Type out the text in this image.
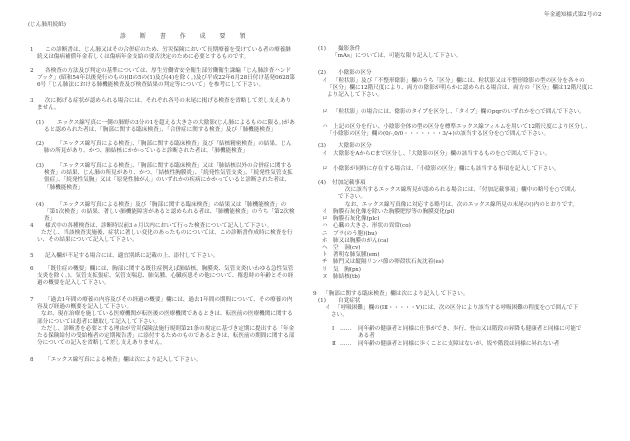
(じん肺用続紙)
年金通知様式第2号の2
診 断 書 作 成 要 領
1	この診断書は、じん肺又はその合併症のため、労災保険において長期療養を受けている者の療養継続又は傷病補償年金若しくは傷病年金支給の要否決定のために必要とするものです。
2	各検査の方法及び判定の基準については、厚生労働省安全衛生部労働衛生課編「じん肺診査ハンドブック」(昭和54年以後発行のもの)(Ⅱの5の(1)及び(4)を除く。)及び平成22年6月28日付け基発0628第6号「じん肺法における肺機能検査及び検査結果の判定等について」を参考にして下さい。
3	次に掲げる症状が認められる場合には、それぞれ各号の末尾に掲げる検査を省略して差し支えありません。
(1)	エックス線写真に一側の肺野の3分の1を超える大きさの大陰影(じん肺によるものに限る。)があると認められた者は、「胸部に関する臨床検査」、「合併症に関する検査」及び「肺機能検査」
(2)	「エックス線写真による検査」、「胸部に関する臨床検査」及び「結核精密検査」の結果、じん肺の所見があり、かつ、肺結核にかかっていると診断された者は、「肺機能検査」
(3)	「エックス線写真による検査」、「胸部に関する臨床検査」又は「肺結核以外の合併症に関する検査」の結果、じん肺の所見があり、かつ、「結核性胸膜炎」、「続発性気管支炎」、「続発性気管支拡張症」、「続発性気胸」又は「原発性肺がん」のいずれかの疾病にかかっていると診断された者は、「肺機能検査」
(4)	「エックス線写真による検査」及び「胸部に関する臨床検査」の結果又は「肺機能検査」の「第1次検査」の結果、著しい肺機能障害があると認められる者は、「肺機能検査」のうち「第2次検査」
4	様式中の各種検査は、診断時以前3ヵ月以内において行った検査について記入して下さい。
ただし、当該検査実施後、症状に著しい変化のあったものについては、この診断書作成時に検査を行い、その結果について記入して下さい。
5	記入欄が不足する場合には、適宜別紙に記載の上、添付して下さい。
6	「既往症の概要」欄には、胸部に関する既往症例えば肺結核、胸膜炎、気管支炎(いわゆる急性気管支炎を除く。)、気管支拡張症、気管支喘息、肺気腫、心臓疾患その他について、罹患時の年齢とその経過の概要を記入して下さい。
7	「過去1年間の療養の内容及びその経過の概要」欄には、過去1年間の期間について、その療養の内容及び経過の概要を記入して下さい。
なお、現在治療を施している医療機関が転医後の医療機関であるときは、転医前の医療機関に関する部分については患者に聴取して記入して下さい。
ただし、診断書を必要とする理由が労災保険法施行規則第21条の規定に基づき定期に提出する「年金たる保険給付の受給権者の定期報告書」に添付するためのものであるときは、転医前の期間に関する部分についての記入を省略して差し支えありません。
8	「エックス線写真による検査」欄は次により記入して下さい。
(1) 撮影条件
「mAs」については、可能な限り記入して下さい。
(2) 小陰影の区分
イ 「粒状影」及び「不整形陰影」欄のうち「区分」欄には、粒状影又は不整形陰影の型の区分を各々の「区分」欄に12階尺度により、両方の陰影が明らかに認められる場合は、両方の「区分」欄は12階尺度により記入して下さい。
ロ 「粒状影」の場合には、陰影のタイプを区分し、「タイプ」欄のpqrのいずれかを○で囲んで下さい。
ハ 上記の区分を行い、小陰影全体の型の区分を標準エックス線フィルムを用いて12階尺度により区分し、「小陰影の区分」欄の(0/-,0/0・・・・・・・3/+)の該当する区分を○で囲んで下さい。
(3) 大陰影の区分
イ 大陰影をAからCまで区分し、「大陰影の区分」欄の該当するものを○で囲んで下さい。
ロ 小陰影が同時に存在する場合は、「小陰影の区分」欄にも該当する事項を記入して下さい。
(4) 付加記載事項
次に該当するエックス線所見が認められる場合には、「付加記載事項」欄中の略号を○で囲んで下さい。
なお、エックス線写真像に対応する略号は、次のエックス線所見の末尾の()内のとおりです。
イ 胸膜石灰化像を除いた胸膜肥厚等の胸膜変化(pl)
ロ 胸膜石灰化像(plc)
ハ 心臓の大きさ、形状の異常(co)
ニ ブラ(のう胞)(bu)
ホ 肺又は胸膜のがん(ca)
ヘ 空　洞(cv)
ト 著明な肺気腫(em)
チ 肺門又は縦隔リンパ節の卵殻状石灰沈着(es)
リ 気　胸(px)
ヌ 肺結核(tb)
9 「胸部に関する臨床検査」欄は次により記入して下さい。
(1) 自覚症状
イ 「呼吸困難」欄の(ⅠⅡ・・・・・Ⅴ)には、次の区分により該当する呼吸困難の程度を○で囲んで下さい。
Ⅰ …… 同年齢の健康者と同様に仕事ができ、歩行、登山又は階段の昇降も健康者と同様に可能である者
Ⅱ …… 同年齢の健康者と同様に歩くことに支障はないが、坂や階段は同様に昇れない者
